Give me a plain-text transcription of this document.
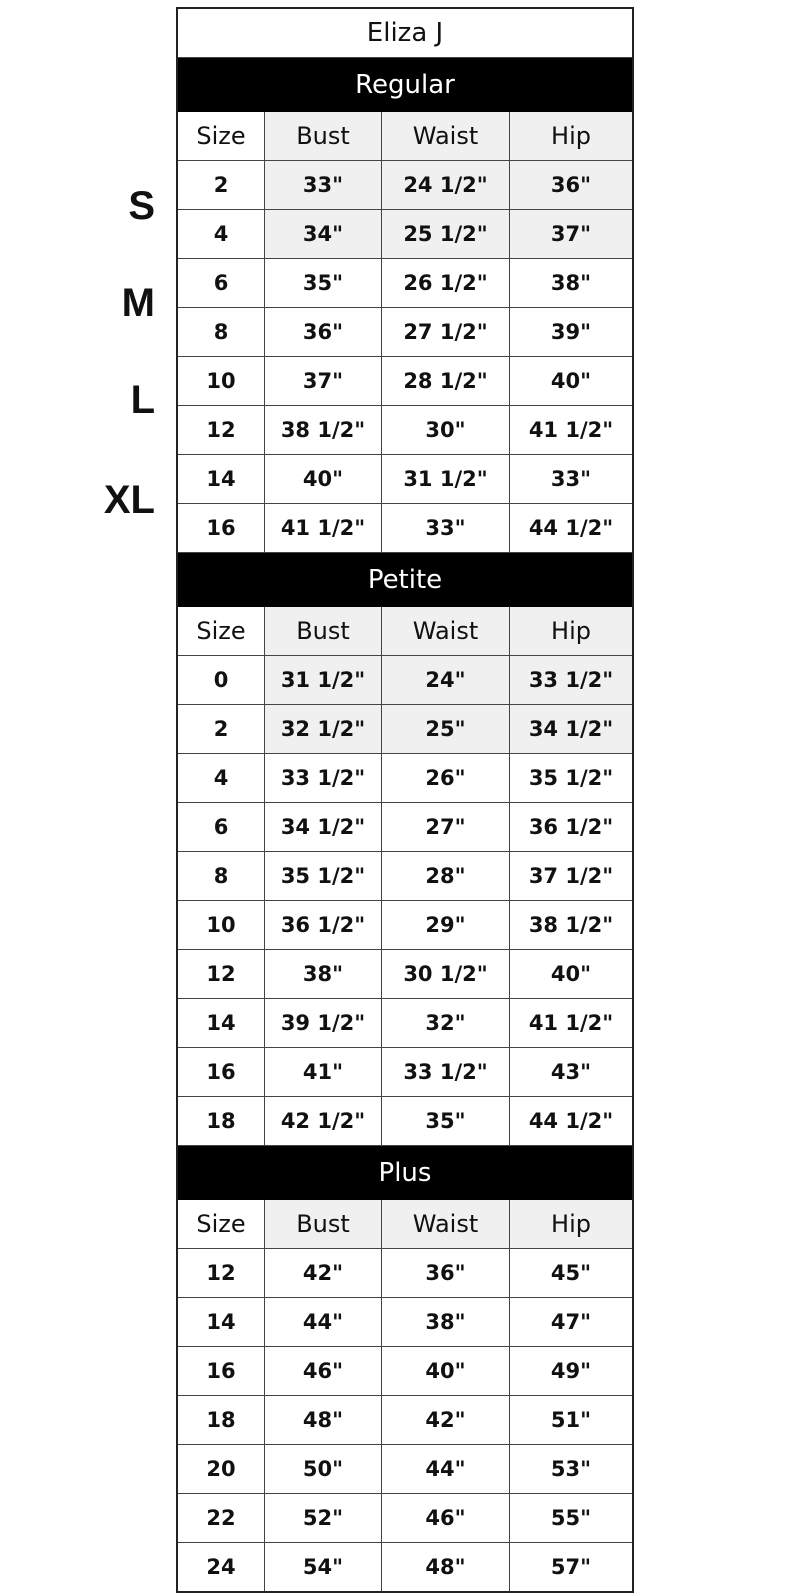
S
M
L
XL
Eliza J
Regular
Size	Bust	Waist	Hip
2	33"	24 1/2"	36"
4	34"	25 1/2"	37"
6	35"	26 1/2"	38"
8	36"	27 1/2"	39"
10	37"	28 1/2"	40"
12	38 1/2"	30"	41 1/2"
14	40"	31 1/2"	33"
16	41 1/2"	33"	44 1/2"
Petite
Size	Bust	Waist	Hip
0	31 1/2"	24"	33 1/2"
2	32 1/2"	25"	34 1/2"
4	33 1/2"	26"	35 1/2"
6	34 1/2"	27"	36 1/2"
8	35 1/2"	28"	37 1/2"
10	36 1/2"	29"	38 1/2"
12	38"	30 1/2"	40"
14	39 1/2"	32"	41 1/2"
16	41"	33 1/2"	43"
18	42 1/2"	35"	44 1/2"
Plus
Size	Bust	Waist	Hip
12	42"	36"	45"
14	44"	38"	47"
16	46"	40"	49"
18	48"	42"	51"
20	50"	44"	53"
22	52"	46"	55"
24	54"	48"	57"
